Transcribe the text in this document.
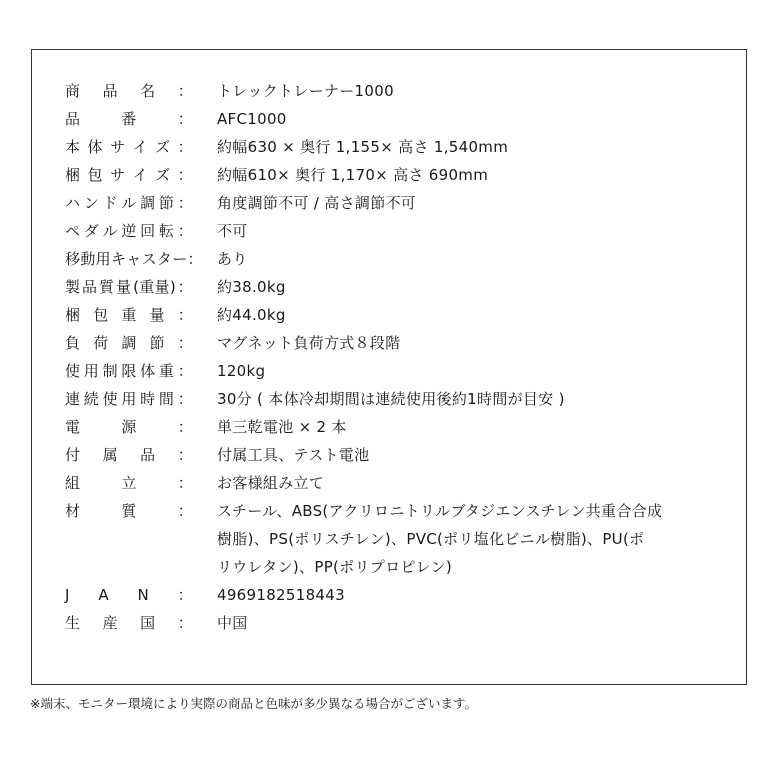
商 品 名 ： トレックトレーナー1000
品	番	： AFC1000
本 体 サ イ ズ ： 約幅630 × 奥行 1,155× 高さ 1,540mm
梱 包 サ イ ズ ： 約幅610× 奥行 1,170× 高さ 690mm
ハ ン ド ル 調 節 ： 角度調節不可 / 高さ調節不可
ペ ダ ル 逆 回 転 ： 不可
移 動 用 キ ャ ス タ ー ： あり
製 品 質 量 (重量) ： 約38.0kg
梱 包 重 量 ： 約44.0kg
負 荷 調 節 ： マグネット負荷方式８段階
使 用 制 限 体 重 ： 120kg
連 続 使 用 時 間 ： 30分 ( 本体冷却期間は連続使用後約1時間が目安 )
電	源	： 単三乾電池 × 2 本
付 属 品 ： 付属工具、テスト電池
組	立	： お客様組み立て
材	質	： スチール、ABS(アクリロニトリルブタジエンスチレン共重合合成
樹脂)、PS(ポリスチレン)、PVC(ポリ塩化ビニル樹脂)、PU(ポ
リウレタン)、PP(ポリプロピレン)
J A N ： 4969182518443
生 産 国 ： 中国
※端末、モニター環境により実際の商品と色味が多少異なる場合がございます。
